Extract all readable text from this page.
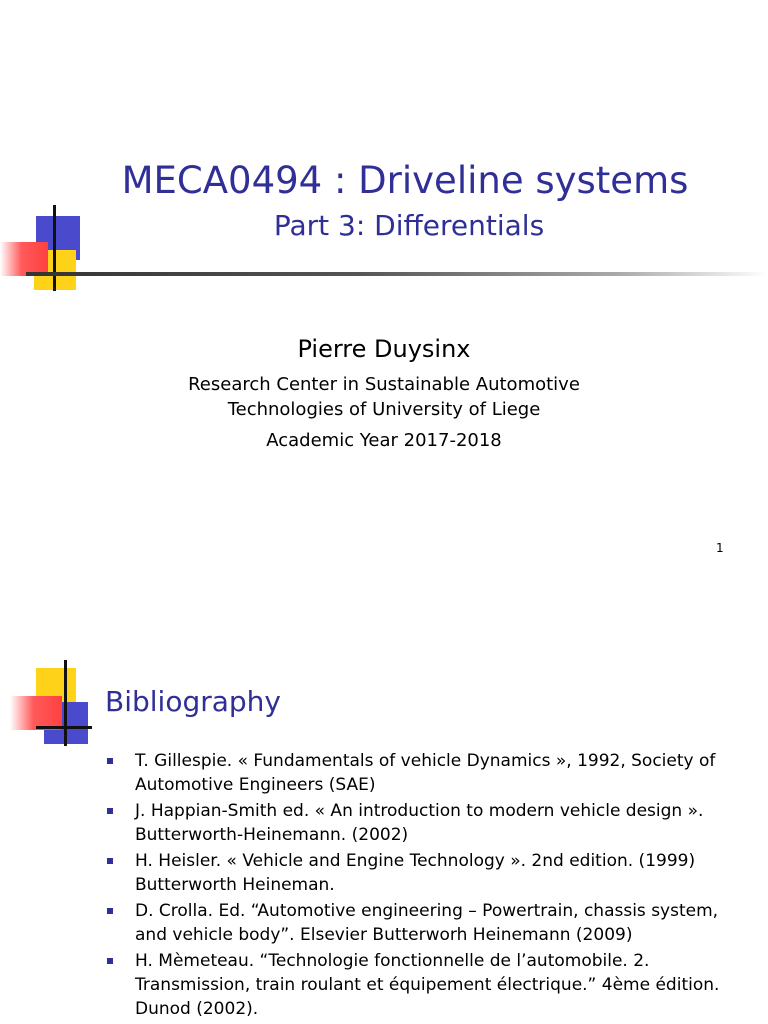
MECA0494 : Driveline systems
Part 3: Differentials
Pierre Duysinx
Research Center in Sustainable Automotive
Technologies of University of Liege
Academic Year 2017-2018
1
Bibliography
T. Gillespie. « Fundamentals of vehicle Dynamics », 1992, Society of
Automotive Engineers (SAE)
J. Happian-Smith ed. « An introduction to modern vehicle design ».
Butterworth-Heinemann. (2002)
H. Heisler. « Vehicle and Engine Technology ». 2nd edition. (1999)
Butterworth Heineman.
D. Crolla. Ed. “Automotive engineering – Powertrain, chassis system,
and vehicle body”. Elsevier Butterworh Heinemann (2009)
H. Mèmeteau. “Technologie fonctionnelle de l’automobile. 2.
Transmission, train roulant et équipement électrique.” 4ème édition.
Dunod (2002).
